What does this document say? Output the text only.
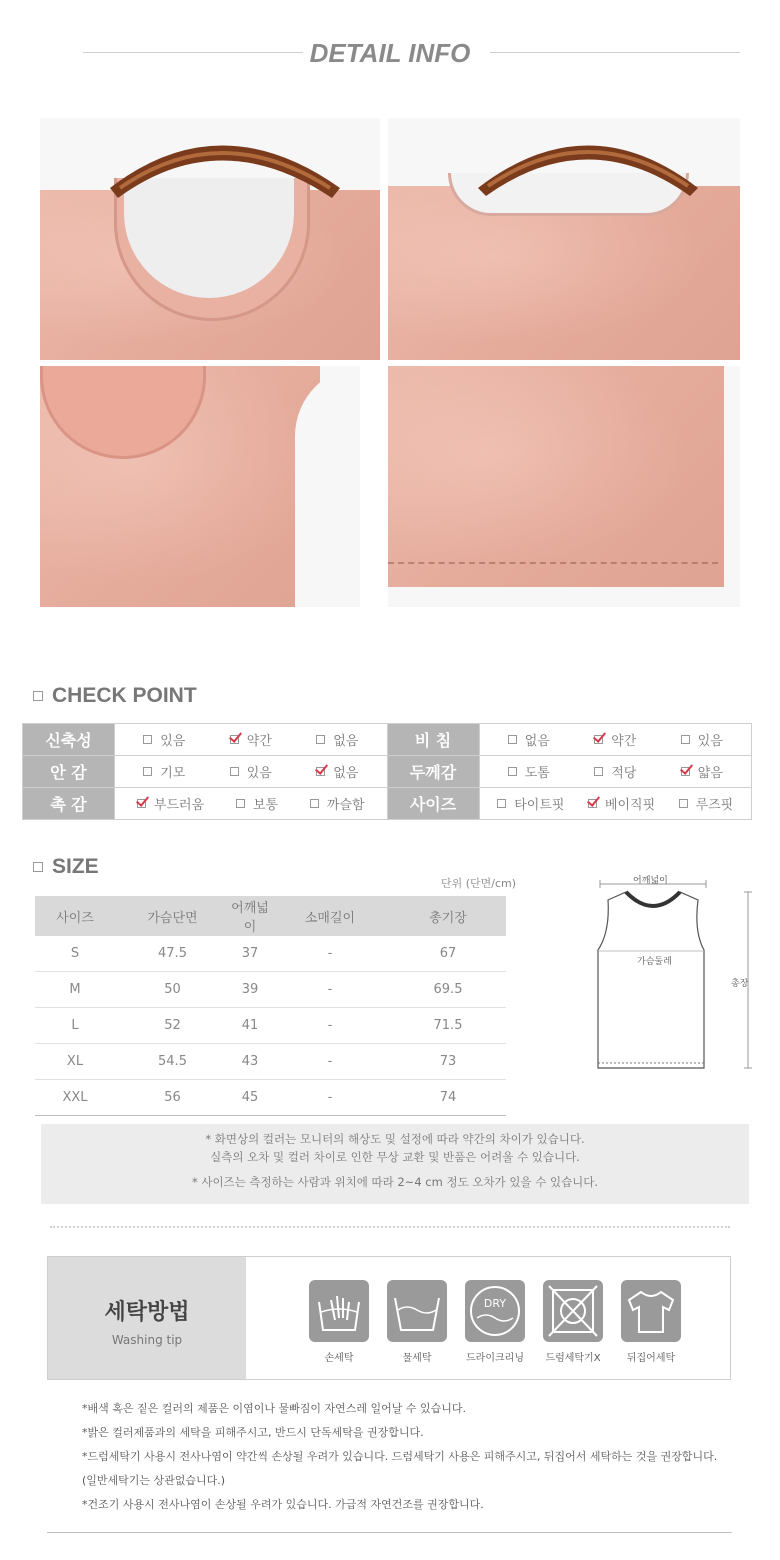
DETAIL INFO
CHECK POINT
신축성	있음 약간 없음	비 침	없음 약간 있음

안 감	기모 있음 없음	두께감	도톰 적당 얇음

촉 감	부드러움 보통 까슬함	사이즈	타이트핏 베이직핏 루즈핏
SIZE
단위 (단면/cm)
사이즈	가슴단면	어깨넓이	소매길이	총기장
S	47.5	37	-	67
M	50	39	-	69.5
L	52	41	-	71.5
XL	54.5	43	-	73
XXL	56	45	-	74
어깨넓이
가슴둘레
총장
* 화면상의 컬러는 모니터의 해상도 및 설정에 따라 약간의 차이가 있습니다.
실측의 오차 및 컬러 차이로 인한 무상 교환 및 반품은 어려울 수 있습니다.
* 사이즈는 측정하는 사람과 위치에 따라 2~4 cm 정도 오차가 있을 수 있습니다.
세탁방법
Washing tip
손세탁	물세탁
DRY
드라이크리닝	드럼세탁기X	뒤집어세탁
*배색 혹은 짙은 컬러의 제품은 이염이나 물빠짐이 자연스레 일어날 수 있습니다.
*밝은 컬러제품과의 세탁을 피해주시고, 반드시 단독세탁을 권장합니다.
*드럼세탁기 사용시 전사나염이 약간씩 손상될 우려가 있습니다. 드럼세탁기 사용은 피해주시고, 뒤집어서 세탁하는 것을 권장합니다.
(일반세탁기는 상관없습니다.)
*건조기 사용시 전사나염이 손상될 우려가 있습니다. 가급적 자연건조를 권장합니다.
